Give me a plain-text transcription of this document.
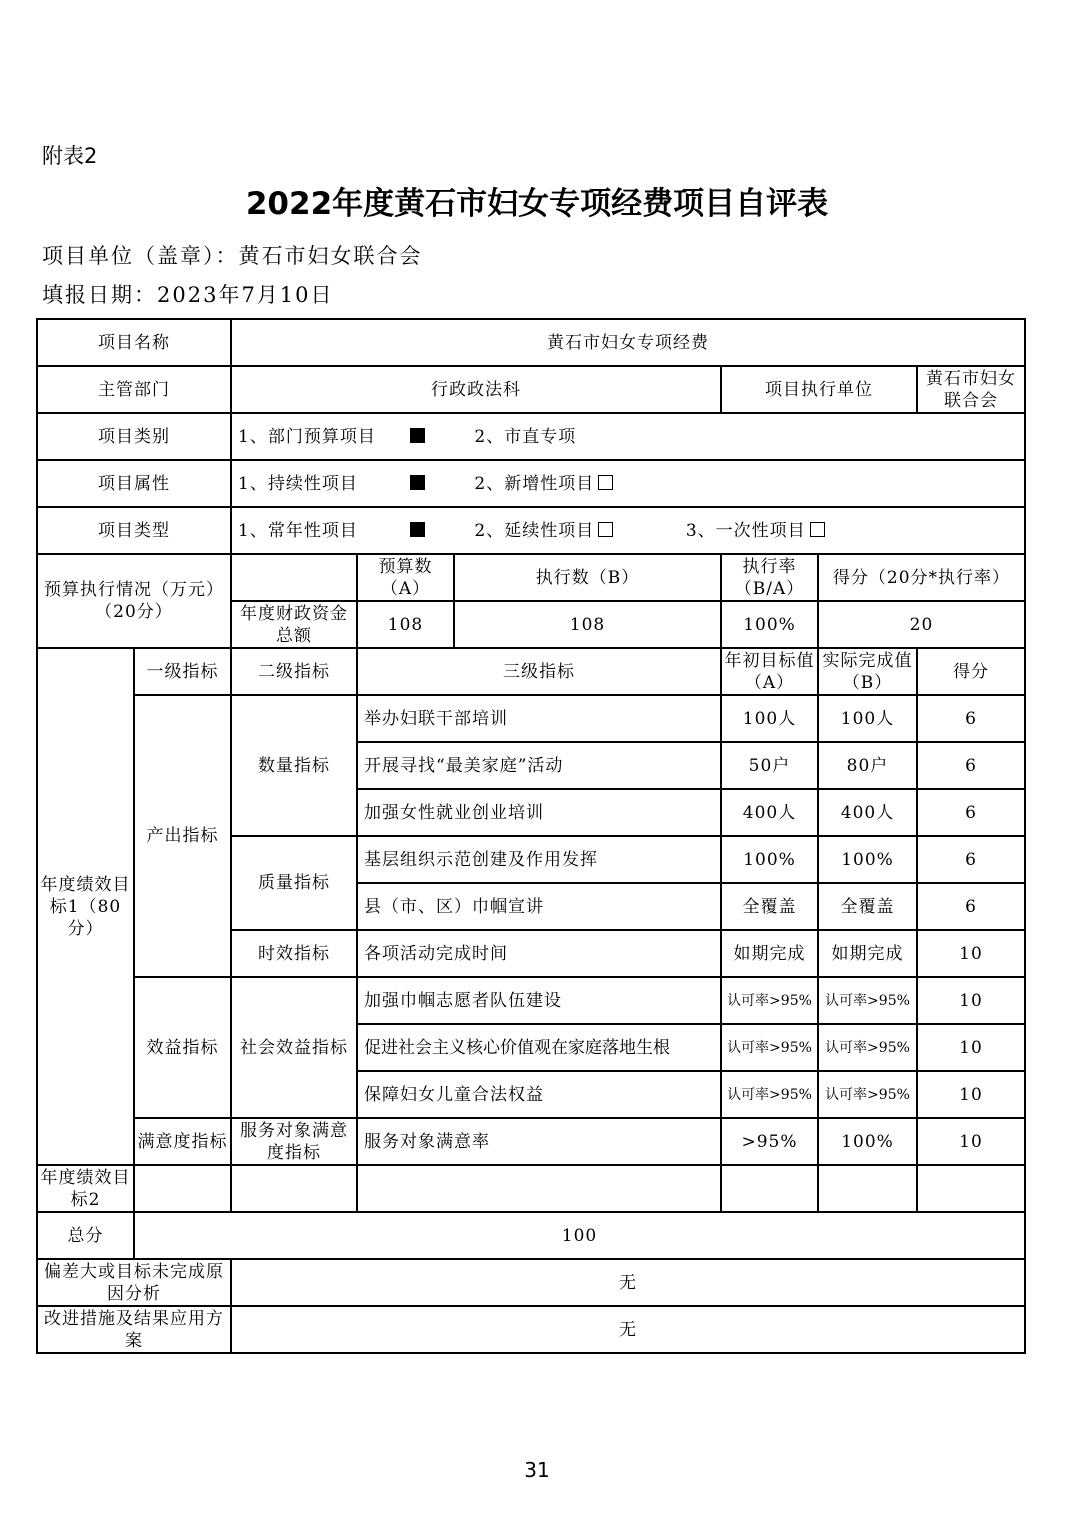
附表2
2022年度黄石市妇女专项经费项目自评表
项目单位（盖章）：黄石市妇女联合会
填报日期：2023年7月10日
项目名称		黄石市妇女专项经费					
主管部门		行政政法科			项目执行单位		黄石市妇女联合会
项目类别		1、部门预算项目 2、市直专项					
项目属性		1、持续性项目 2、新增性项目					
项目类型		1、常年性项目 2、延续性项目 3、一次性项目					
预算执行情况（万元）（20分）			预算数（A）	执行数（B）	执行率（B/A）	得分（20分*执行率）	
		年度财政资金总额	108	108	100%	20	
年度绩效目标1（80分）	一级指标	二级指标	三级指标		年初目标值（A）	实际完成值（B）	得分
	产出指标	数量指标	举办妇联干部培训		100人	100人	6
			开展寻找“最美家庭”活动		50户	80户	6
			加强女性就业创业培训		400人	400人	6
		质量指标	基层组织示范创建及作用发挥		100%	100%	6
			县（市、区）巾帼宣讲		全覆盖	全覆盖	6
		时效指标	各项活动完成时间		如期完成	如期完成	10
	效益指标	社会效益指标	加强巾帼志愿者队伍建设		认可率>95%	认可率>95%	10
			促进社会主义核心价值观在家庭落地生根		认可率>95%	认可率>95%	10
			保障妇女儿童合法权益		认可率>95%	认可率>95%	10
	满意度指标	服务对象满意度指标	服务对象满意率		>95%	100%	10
年度绩效目标2							
总分	100						
偏差大或目标未完成原因分析		无					
改进措施及结果应用方案		无					
31
